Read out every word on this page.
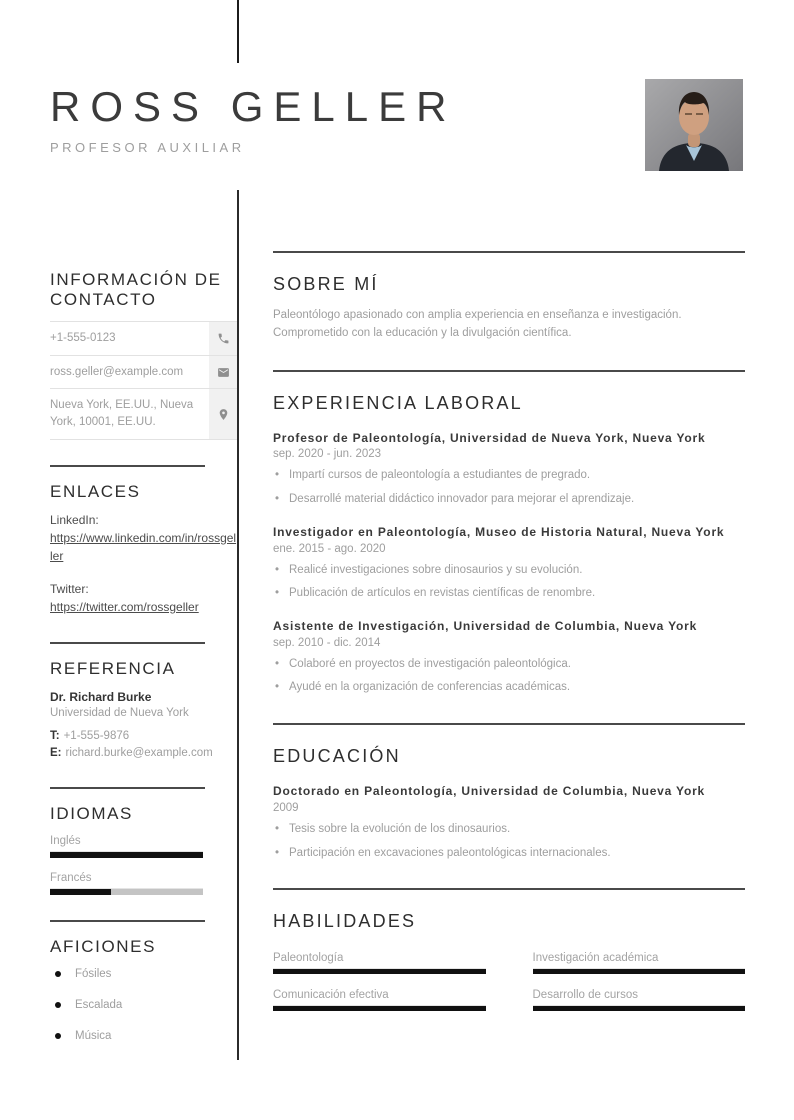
ROSS GELLER
PROFESOR AUXILIAR
INFORMACIÓN DE CONTACTO
+1-555-0123
ross.geller@example.com
Nueva York, EE.UU., Nueva York, 10001, EE.UU.
ENLACES
LinkedIn:
https://www.linkedin.com/in/rossgeller
Twitter:
https://twitter.com/rossgeller
REFERENCIA
Dr. Richard Burke
Universidad de Nueva York
T: +1-555-9876
E: richard.burke@example.com
IDIOMAS
Inglés
Francés
AFICIONES
Fósiles
Escalada
Música
SOBRE MÍ
Paleontólogo apasionado con amplia experiencia en enseñanza e investigación. Comprometido con la educación y la divulgación científica.
EXPERIENCIA LABORAL
Profesor de Paleontología, Universidad de Nueva York, Nueva York
sep. 2020 - jun. 2023
• Impartí cursos de paleontología a estudiantes de pregrado.
• Desarrollé material didáctico innovador para mejorar el aprendizaje.
Investigador en Paleontología, Museo de Historia Natural, Nueva York
ene. 2015 - ago. 2020
• Realicé investigaciones sobre dinosaurios y su evolución.
• Publicación de artículos en revistas científicas de renombre.
Asistente de Investigación, Universidad de Columbia, Nueva York
sep. 2010 - dic. 2014
• Colaboré en proyectos de investigación paleontológica.
• Ayudé en la organización de conferencias académicas.
EDUCACIÓN
Doctorado en Paleontología, Universidad de Columbia, Nueva York
2009
• Tesis sobre la evolución de los dinosaurios.
• Participación en excavaciones paleontológicas internacionales.
HABILIDADES
Paleontología	Investigación académica
Comunicación efectiva	Desarrollo de cursos
